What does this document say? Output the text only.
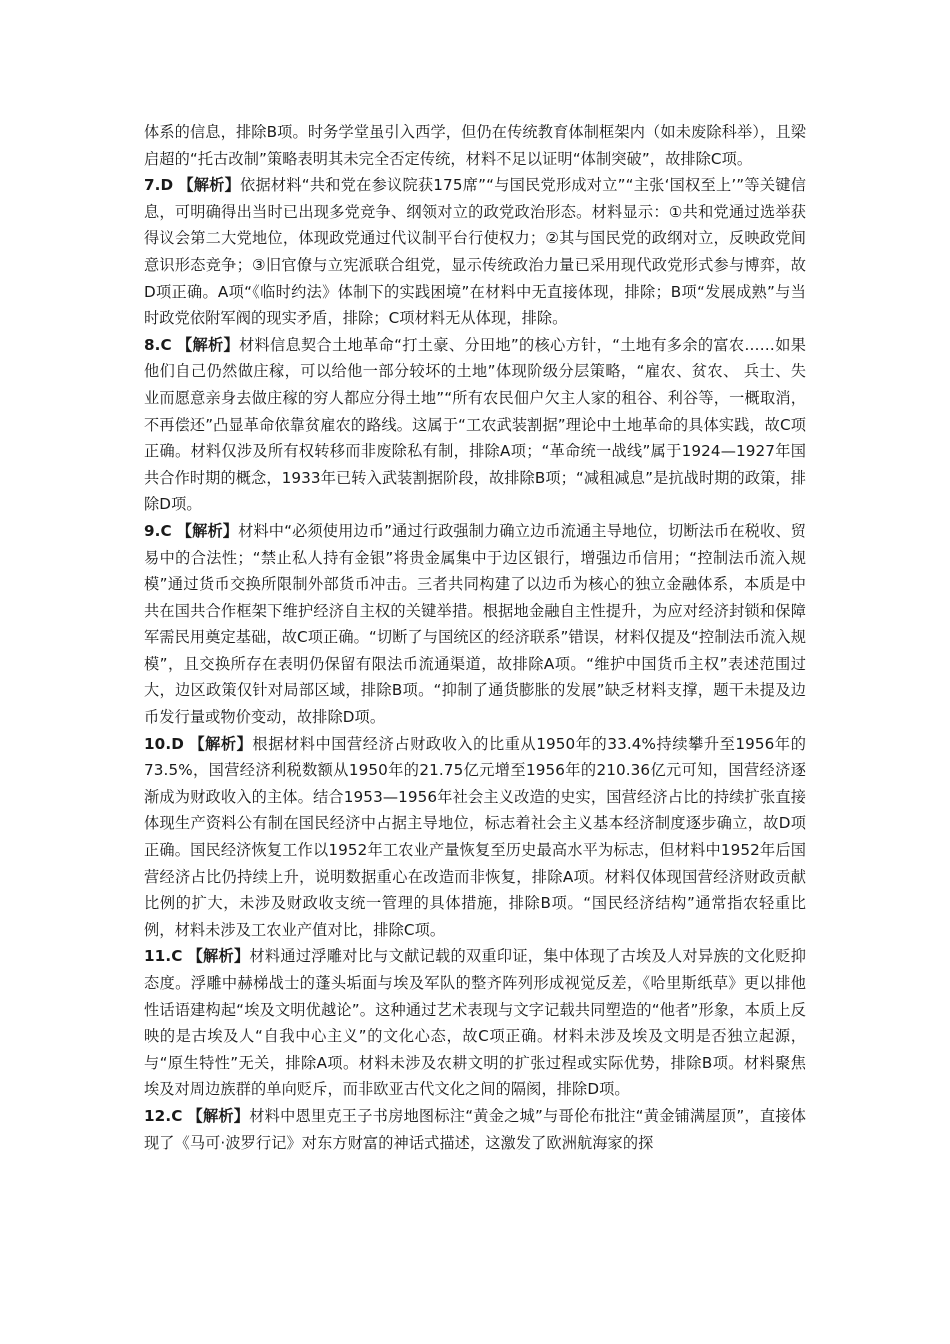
体系的信息，排除B项。时务学堂虽引入西学，但仍在传统教育体制框架内（如未废除科举），且梁启超的“托古改制”策略表明其未完全否定传统，材料不足以证明“体制突破”，故排除C项。

7.D 【解析】依据材料“共和党在参议院获175席”“与国民党形成对立”“主张‘国权至上’”等关键信息，可明确得出当时已出现多党竞争、纲领对立的政党政治形态。材料显示：①共和党通过选举获得议会第二大党地位，体现政党通过代议制平台行使权力；②其与国民党的政纲对立，反映政党间意识形态竞争；③旧官僚与立宪派联合组党，显示传统政治力量已采用现代政党形式参与博弈，故D项正确。A项“《临时约法》体制下的实践困境”在材料中无直接体现，排除；B项“发展成熟”与当时政党依附军阀的现实矛盾，排除；C项材料无从体现，排除。

8.C 【解析】材料信息契合土地革命“打土豪、分田地”的核心方针，“土地有多余的富农……如果他们自己仍然做庄稼，可以给他一部分较坏的土地”体现阶级分层策略，“雇农、贫农、 兵士、失业而愿意亲身去做庄稼的穷人都应分得土地”“所有农民佃户欠主人家的租谷、利谷等，一概取消，不再偿还”凸显革命依靠贫雇农的路线。这属于“工农武装割据”理论中土地革命的具体实践，故C项正确。材料仅涉及所有权转移而非废除私有制，排除A项；“革命统一战线”属于1924—1927年国共合作时期的概念，1933年已转入武装割据阶段，故排除B项；“减租减息”是抗战时期的政策，排除D项。

9.C 【解析】材料中“必须使用边币”通过行政强制力确立边币流通主导地位，切断法币在税收、贸易中的合法性；“禁止私人持有金银”将贵金属集中于边区银行，增强边币信用；“控制法币流入规模”通过货币交换所限制外部货币冲击。三者共同构建了以边币为核心的独立金融体系，本质是中共在国共合作框架下维护经济自主权的关键举措。根据地金融自主性提升，为应对经济封锁和保障军需民用奠定基础，故C项正确。“切断了与国统区的经济联系”错误，材料仅提及“控制法币流入规模”，且交换所存在表明仍保留有限法币流通渠道，故排除A项。“维护中国货币主权”表述范围过大，边区政策仅针对局部区域，排除B项。“抑制了通货膨胀的发展”缺乏材料支撑，题干未提及边币发行量或物价变动，故排除D项。

10.D 【解析】根据材料中国营经济占财政收入的比重从1950年的33.4%持续攀升至1956年的73.5%，国营经济利税数额从1950年的21.75亿元增至1956年的210.36亿元可知，国营经济逐渐成为财政收入的主体。结合1953—1956年社会主义改造的史实，国营经济占比的持续扩张直接体现生产资料公有制在国民经济中占据主导地位，标志着社会主义基本经济制度逐步确立，故D项正确。国民经济恢复工作以1952年工农业产量恢复至历史最高水平为标志，但材料中1952年后国营经济占比仍持续上升，说明数据重心在改造而非恢复，排除A项。材料仅体现国营经济财政贡献比例的扩大，未涉及财政收支统一管理的具体措施，排除B项。“国民经济结构”通常指农轻重比例，材料未涉及工农业产值对比，排除C项。

11.C 【解析】材料通过浮雕对比与文献记载的双重印证，集中体现了古埃及人对异族的文化贬抑态度。浮雕中赫梯战士的蓬头垢面与埃及军队的整齐阵列形成视觉反差，《哈里斯纸草》更以排他性话语建构起“埃及文明优越论”。这种通过艺术表现与文字记载共同塑造的“他者”形象，本质上反映的是古埃及人“自我中心主义”的文化心态，故C项正确。材料未涉及埃及文明是否独立起源，与“原生特性”无关，排除A项。材料未涉及农耕文明的扩张过程或实际优势，排除B项。材料聚焦埃及对周边族群的单向贬斥，而非欧亚古代文化之间的隔阂，排除D项。

12.C 【解析】材料中恩里克王子书房地图标注“黄金之城”与哥伦布批注“黄金铺满屋顶”，直接体现了《马可·波罗行记》对东方财富的神话式描述，这激发了欧洲航海家的探
